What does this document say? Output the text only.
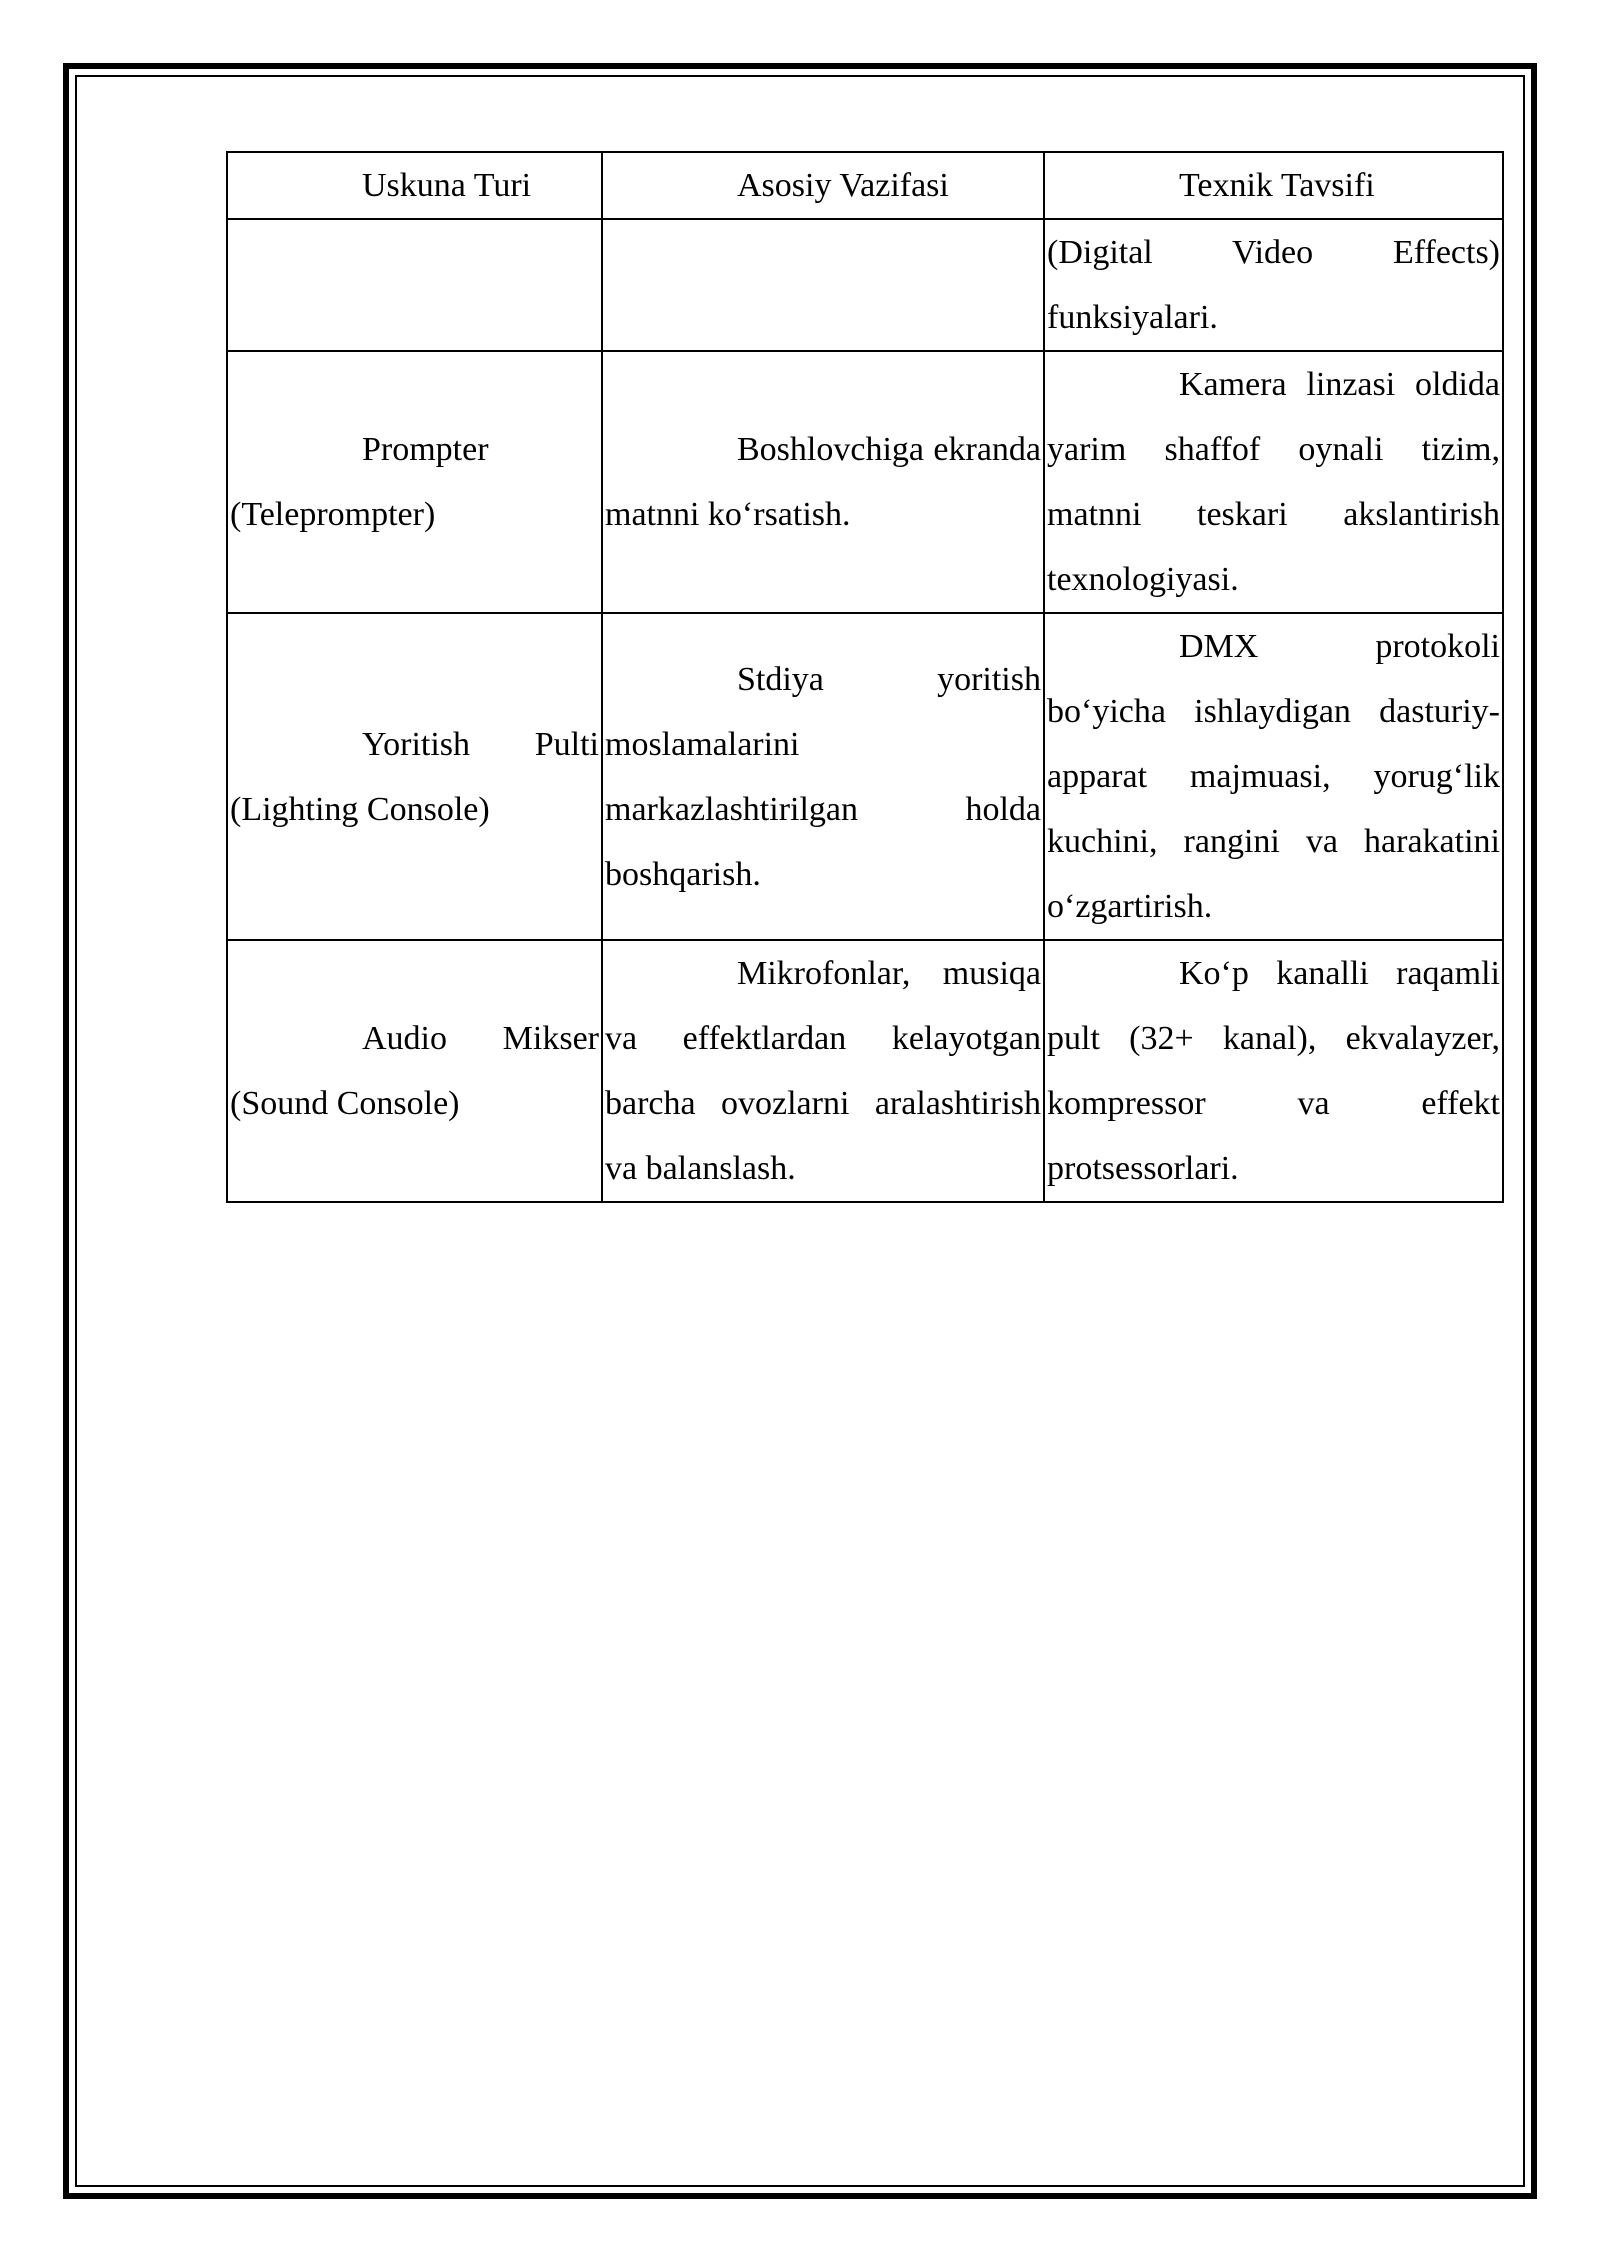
Uskuna Turi	Asosiy Vazifasi	Texnik Tavsifi
		(Digital Video Effects) funksiyalari.
Prompter (Teleprompter)	Boshlovchiga ekranda matnni ko‘rsatish.	Kamera linzasi oldida yarim shaffof oynali tizim, matnni teskari akslantirish texnologiyasi.
Yoritish Pulti (Lighting Console)	Stdiya yoritish moslamalarini markazlashtirilgan holda boshqarish.	DMX protokoli bo‘yicha ishlaydigan dasturiy-apparat majmuasi, yorug‘lik kuchini, rangini va harakatini o‘zgartirish.
Audio Mikser (Sound Console)	Mikrofonlar, musiqa va effektlardan kelayotgan barcha ovozlarni aralashtirish va balanslash.	Ko‘p kanalli raqamli pult (32+ kanal), ekvalayzer, kompressor va effekt protsessorlari.
